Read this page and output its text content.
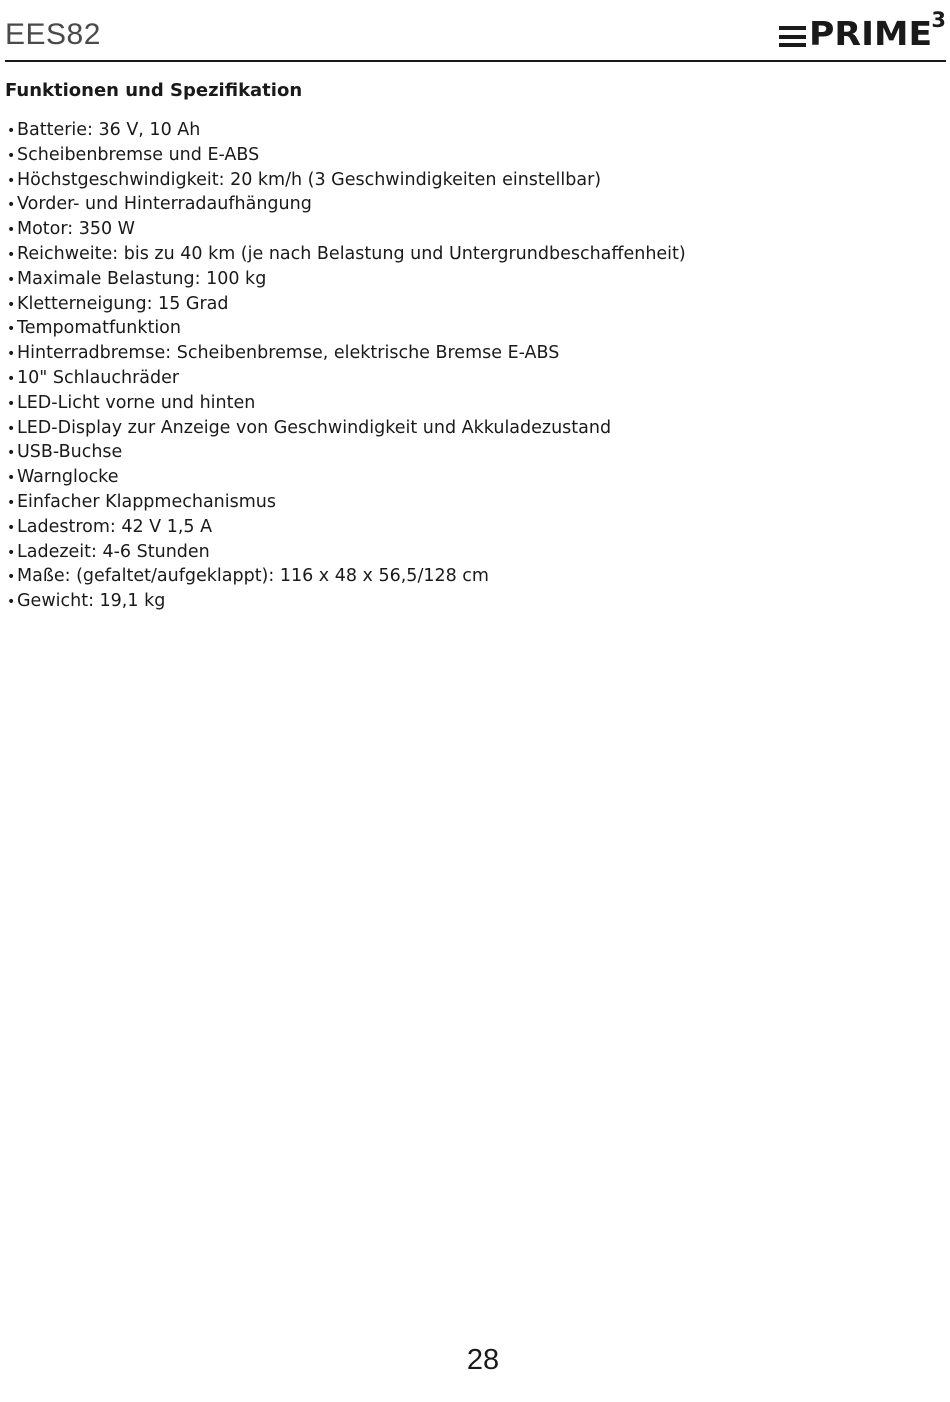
EES82	PRIME 3
Funktionen und Spezifikation
• Batterie: 36 V, 10 Ah
• Scheibenbremse und E-ABS
• Höchstgeschwindigkeit: 20 km/h (3 Geschwindigkeiten einstellbar)
• Vorder- und Hinterradaufhängung
• Motor: 350 W
• Reichweite: bis zu 40 km (je nach Belastung und Untergrundbeschaffenheit)
• Maximale Belastung: 100 kg
• Kletterneigung: 15 Grad
• Tempomatfunktion
• Hinterradbremse: Scheibenbremse, elektrische Bremse E-ABS
• 10" Schlauchräder
• LED-Licht vorne und hinten
• LED-Display zur Anzeige von Geschwindigkeit und Akkuladezustand
• USB-Buchse
• Warnglocke
• Einfacher Klappmechanismus
• Ladestrom: 42 V 1,5 A
• Ladezeit: 4-6 Stunden
• Maße: (gefaltet/aufgeklappt): 116 x 48 x 56,5/128 cm
• Gewicht: 19,1 kg
28
